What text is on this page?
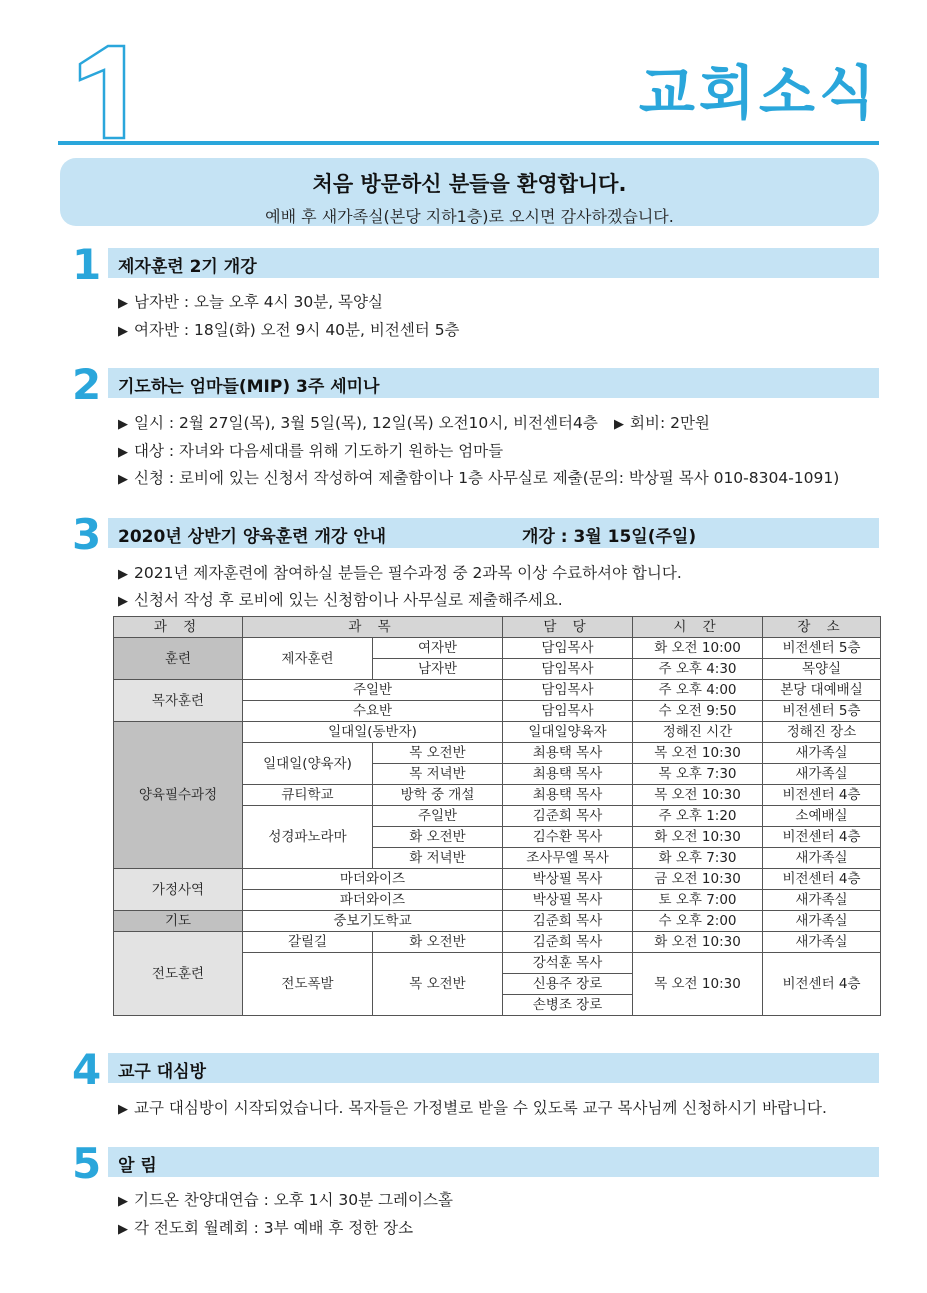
교회소식
처음 방문하신 분들을 환영합니다.
예배 후 새가족실(본당 지하1층)로 오시면 감사하겠습니다.
1 제자훈련 2기 개강
▶ 남자반 : 오늘 오후 4시 30분, 목양실
▶ 여자반 : 18일(화) 오전 9시 40분, 비전센터 5층
2 기도하는 엄마들(MIP) 3주 세미나
▶ 일시 : 2월 27일(목), 3월 5일(목), 12일(목) 오전10시, 비전센터4층 ▶ 회비: 2만원
▶ 대상 : 자녀와 다음세대를 위해 기도하기 원하는 엄마들
▶ 신청 : 로비에 있는 신청서 작성하여 제출함이나 1층 사무실로 제출(문의: 박상필 목사 010-8304-1091)
3 2020년 상반기 양육훈련 개강 안내	개강 : 3월 15일(주일)
▶ 2021년 제자훈련에 참여하실 분들은 필수과정 중 2과목 이상 수료하셔야 합니다.
▶ 신청서 작성 후 로비에 있는 신청함이나 사무실로 제출해주세요.
과 정	과 목		담 당	시 간	장 소
훈련	제자훈련	여자반	담임목사	화 오전 10:00	비전센터 5층
		남자반	담임목사	주 오후 4:30	목양실
목자훈련	주일반		담임목사	주 오후 4:00	본당 대예배실
	수요반		담임목사	수 오전 9:50	비전센터 5층
양육필수과정	일대일(동반자)		일대일양육자	정해진 시간	정해진 장소
	일대일(양육자)	목 오전반	최용택 목사	목 오전 10:30	새가족실
		목 저녁반	최용택 목사	목 오후 7:30	새가족실
	큐티학교	방학 중 개설	최용택 목사	목 오전 10:30	비전센터 4층
	성경파노라마	주일반	김준희 목사	주 오후 1:20	소예배실
		화 오전반	김수환 목사	화 오전 10:30	비전센터 4층
		화 저녁반	조사무엘 목사	화 오후 7:30	새가족실
가정사역	마더와이즈		박상필 목사	금 오전 10:30	비전센터 4층
	파더와이즈		박상필 목사	토 오후 7:00	새가족실
기도	중보기도학교		김준희 목사	수 오후 2:00	새가족실
전도훈련	갈릴길	화 오전반	김준희 목사	화 오전 10:30	새가족실
	전도폭발	목 오전반	강석훈 목사	목 오전 10:30	비전센터 4층
			신용주 장로		
			손병조 장로		
4 교구 대심방
▶ 교구 대심방이 시작되었습니다. 목자들은 가정별로 받을 수 있도록 교구 목사님께 신청하시기 바랍니다.
5 알 림
▶ 기드온 찬양대연습 : 오후 1시 30분 그레이스홀
▶ 각 전도회 월례회 : 3부 예배 후 정한 장소
